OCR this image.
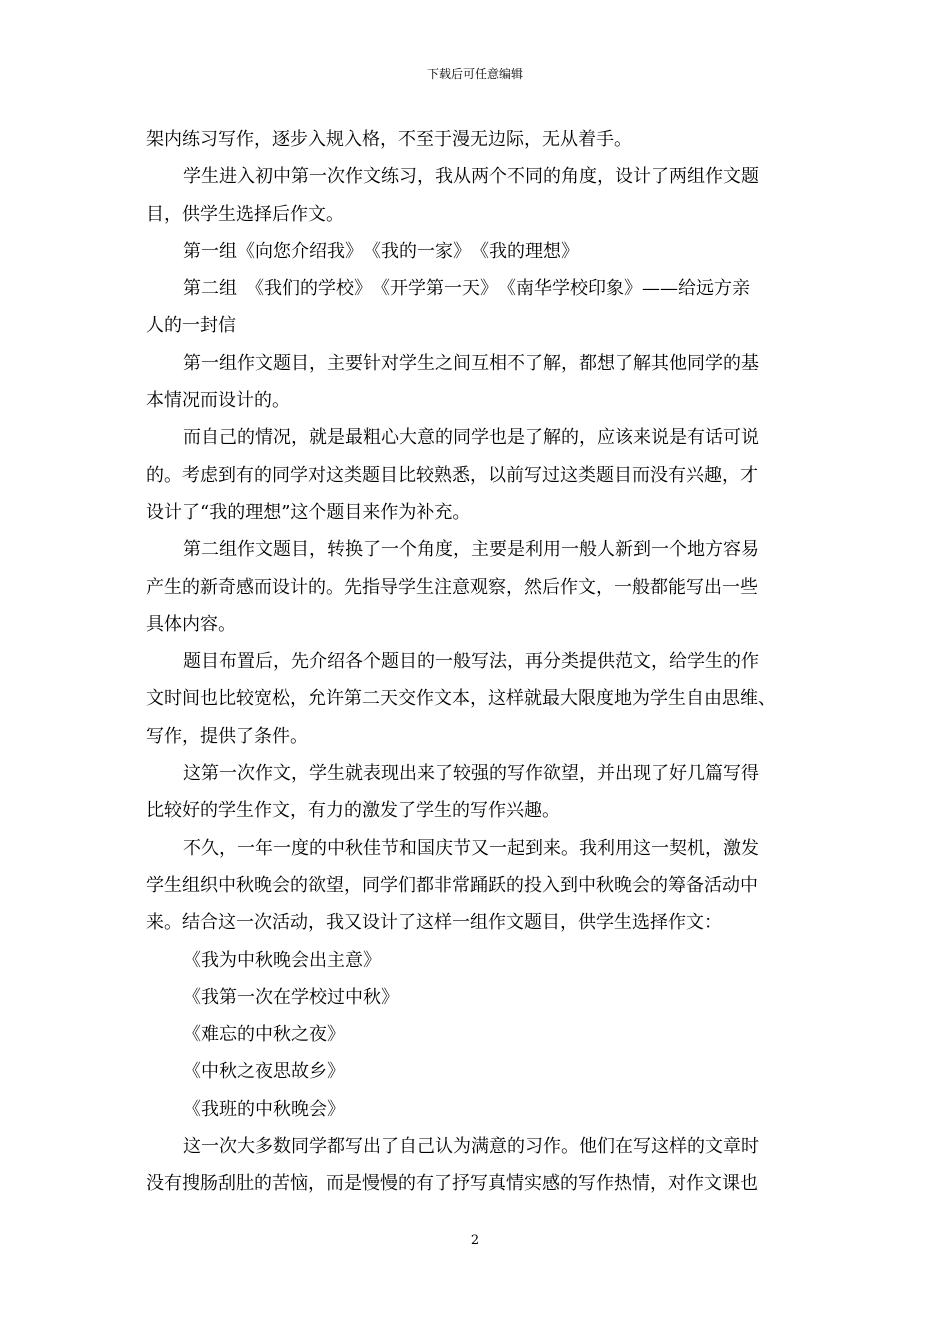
下载后可任意编辑
架内练习写作，逐步入规入格，不至于漫无边际，无从着手。
学生进入初中第一次作文练习，我从两个不同的角度，设计了两组作文题
目，供学生选择后作文。
第一组《向您介绍我》　《我的一家》　《我的理想》
第二组　《我们的学校》　《开学第一天》　《南华学校印象》——给远方亲
人的一封信
第一组作文题目，主要针对学生之间互相不了解，都想了解其他同学的基
本情况而设计的。
而自己的情况，就是最粗心大意的同学也是了解的，应该来说是有话可说
的。考虑到有的同学对这类题目比较熟悉，以前写过这类题目而没有兴趣，才
设计了“我的理想”这个题目来作为补充。
第二组作文题目，转换了一个角度，主要是利用一般人新到一个地方容易
产生的新奇感而设计的。先指导学生注意观察，然后作文，一般都能写出一些
具体内容。
题目布置后，先介绍各个题目的一般写法，再分类提供范文，给学生的作
文时间也比较宽松，允许第二天交作文本，这样就最大限度地为学生自由思维、
写作，提供了条件。
这第一次作文，学生就表现出来了较强的写作欲望，并出现了好几篇写得
比较好的学生作文，有力的激发了学生的写作兴趣。
不久，一年一度的中秋佳节和国庆节又一起到来。我利用这一契机，激发
学生组织中秋晚会的欲望，同学们都非常踊跃的投入到中秋晚会的筹备活动中
来。结合这一次活动，我又设计了这样一组作文题目，供学生选择作文：
《我为中秋晚会出主意》
《我第一次在学校过中秋》
《难忘的中秋之夜》
《中秋之夜思故乡》
《我班的中秋晚会》
这一次大多数同学都写出了自己认为满意的习作。他们在写这样的文章时
没有搜肠刮肚的苦恼，而是慢慢的有了抒写真情实感的写作热情，对作文课也
2
